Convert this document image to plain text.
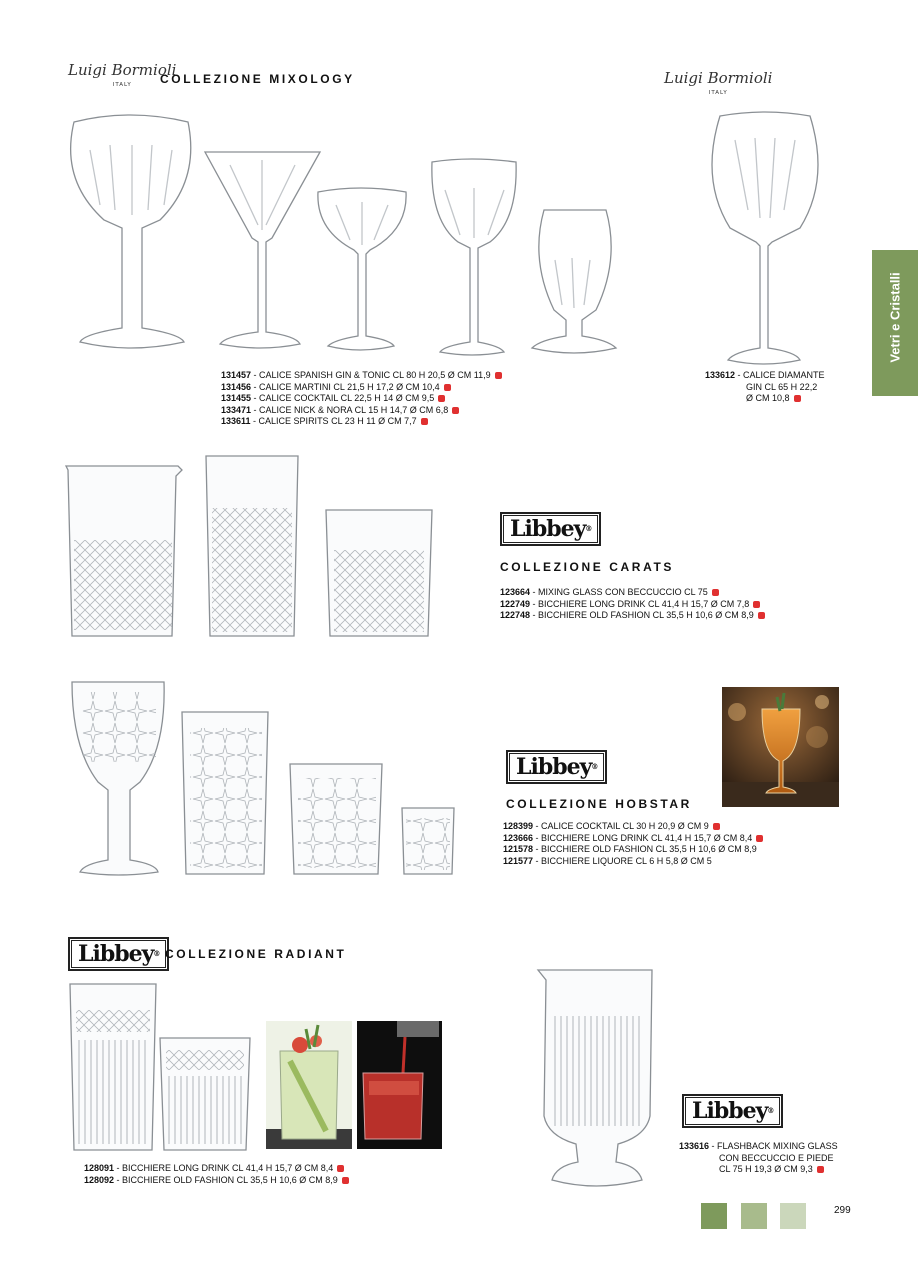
Vetri e Cristalli
Luigi Bormioli
ITALY	COLLEZIONE MIXOLOGY	Luigi Bormioli
ITALY
131457 - CALICE SPANISH GIN & TONIC CL 80 H 20,5 Ø CM 11,9
131456 - CALICE MARTINI CL 21,5 H 17,2 Ø CM 10,4
131455 - CALICE COCKTAIL CL 22,5 H 14 Ø CM 9,5
133471 - CALICE NICK & NORA CL 15 H 14,7 Ø CM 6,8
133611 - CALICE SPIRITS CL 23 H 11 Ø CM 7,7
133612 - CALICE DIAMANTE
GIN CL 65 H 22,2
Ø CM 10,8
Libbey®
COLLEZIONE CARATS
123664 - MIXING GLASS CON BECCUCCIO CL 75
122749 - BICCHIERE LONG DRINK CL 41,4 H 15,7 Ø CM 7,8
122748 - BICCHIERE OLD FASHION CL 35,5 H 10,6 Ø CM 8,9
Libbey®
COLLEZIONE HOBSTAR
128399 - CALICE COCKTAIL CL 30 H 20,9 Ø CM 9
123666 - BICCHIERE LONG DRINK CL 41,4 H 15,7 Ø CM 8,4
121578 - BICCHIERE OLD FASHION CL 35,5 H 10,6 Ø CM 8,9
121577 - BICCHIERE LIQUORE CL 6 H 5,8 Ø CM 5
Libbey® COLLEZIONE RADIANT
128091 - BICCHIERE LONG DRINK CL 41,4 H 15,7 Ø CM 8,4
128092 - BICCHIERE OLD FASHION CL 35,5 H 10,6 Ø CM 8,9
Libbey®
133616 - FLASHBACK MIXING GLASS
CON BECCUCCIO E PIEDE
CL 75 H 19,3 Ø CM 9,3
299
